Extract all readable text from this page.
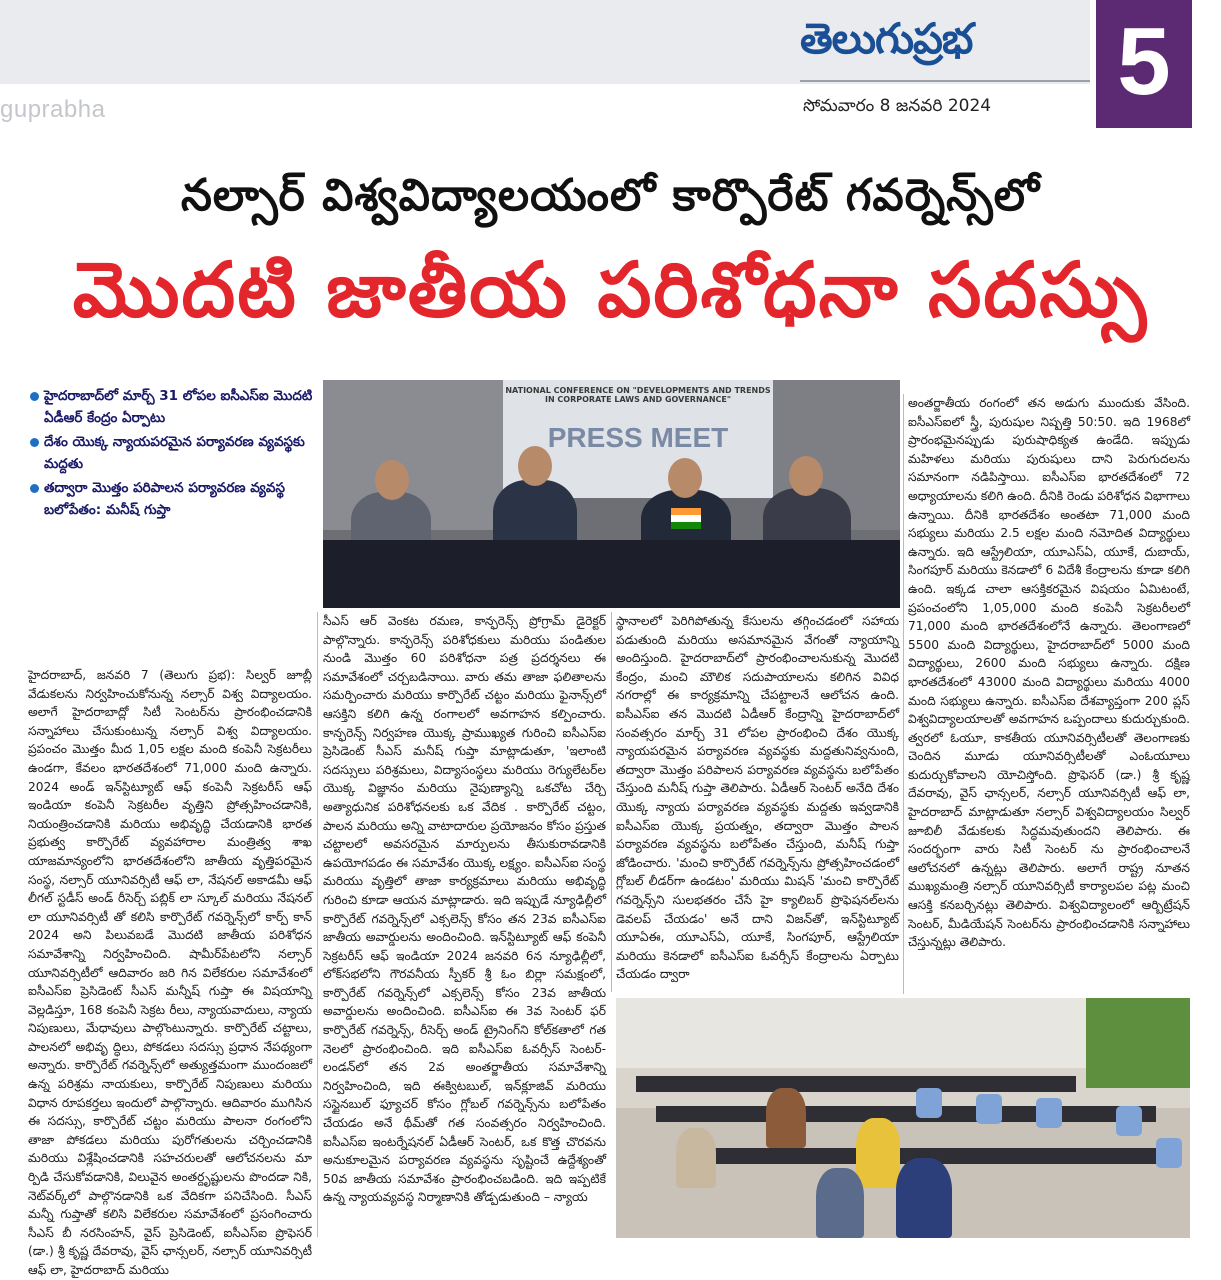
guprabha
తెలుగుప్రభ
సోమవారం 8 జనవరి 2024 5
నల్సార్ విశ్వవిద్యాలయంలో కార్పొరేట్ గవర్నెన్స్‌లో
మొదటి జాతీయ పరిశోధనా సదస్సు
హైదరాబాద్‌లో మార్చ్ 31 లోపల ఐసీఎస్ఐ మొదటి ఏడీఆర్ కేంద్రం ఏర్పాటు
దేశం యొక్క న్యాయపరమైన పర్యావరణ వ్యవస్థకు మద్దతు
తద్వారా మొత్తం పరిపాలన పర్యావరణ వ్యవస్థ బలోపేతం: మనీష్ గుప్తా
NATIONAL CONFERENCE ON "DEVELOPMENTS AND TRENDS IN CORPORATE LAWS AND GOVERNANCE"
PRESS MEET
హైదరాబాద్, జనవరి 7 (తెలుగు ప్రభ): సిల్వర్ జూబ్లీ వేడుకలను నిర్వహించుకోనున్న నల్సార్ విశ్వ విద్యాలయం. అలాగే హైదరాబాద్లో సిటీ సెంటర్‌ను ప్రారంభించడానికి సన్నాహాలు చేసుకుంటున్న నల్సార్ విశ్వ విద్యాలయం. ప్రపంచం మొత్తం మీద 1,05 లక్షల మంది కంపెనీ సెక్రటరీలు ఉండగా, కేవలం భారతదేశంలో 71,000 మంది ఉన్నారు. 2024 అండ్ ఇన్‌స్టిట్యూట్ ఆఫ్ కంపెనీ సెక్రటరీస్ ఆఫ్ ఇండియా కంపెనీ సెక్రటరీల వృత్తిని ప్రోత్సహించడానికి, నియంత్రించడానికి మరియు అభివృద్ధి చేయడానికి భారత ప్రభుత్వ కార్పొరేట్ వ్యవహారాల మంత్రిత్వ శాఖ యాజమాన్యంలోని భారతదేశంలోని జాతీయ వృత్తిపరమైన సంస్థ, నల్సార్ యూనివర్సిటీ ఆఫ్ లా, నేషనల్ అకాడమీ ఆఫ్ లీగల్ స్టడీస్ అండ్ రీసెర్చ్ పబ్లిక్ లా స్కూల్ మరియు నేషనల్ లా యూనివర్సిటీ తో కలిసి కార్పొరేట్ గవర్నెన్స్‌లో కార్ప్ కాన్ 2024 అని పిలువబడే మొదటి జాతీయ పరిశోధన సమావేశాన్ని నిర్వహించింది. షామీర్‌పేటలోని నల్సార్ యూనివర్సిటీలో ఆదివారం జరి గిన విలేకరుల సమావేశంలో ఐసీఎస్ఐ ప్రెసిడెంట్ సీఎస్ మన్నీష్ గుప్తా ఈ విషయాన్ని వెల్లడిస్తూ, 168 కంపెనీ సెక్రట రీలు, న్యాయవాదులు, న్యాయ నిపుణులు, మేధావులు పాల్గొంటున్నారు. కార్పొరేట్ చట్టాలు, పాలనలో అభివృ ద్ధిలు, పోకడలు సదస్సు ప్రధాన నేపథ్యంగా అన్నారు. కార్పొరేట్ గవర్నెన్స్‌లో అత్యుత్తమంగా ముందంజలో ఉన్న పరిశ్రమ నాయకులు, కార్పొరేట్ నిపుణులు మరియు విధాన రూపకర్తలు ఇందులో పాల్గొన్నారు. ఆదివారం ముగిసిన ఈ సదస్సు, కార్పొరేట్ చట్టం మరియు పాలనా రంగంలోని తాజా పోకడలు మరియు పురోగతులను చర్చించడానికి మరియు విశ్లేషించడానికి సహచరులతో ఆలోచనలను మా ర్పిడి చేసుకోవడానికి, విలువైన అంతర్దృష్టులను పొందడా నికి, నెట్‌వర్క్‌లో పాల్గొనడానికి ఒక వేదికగా పనిచేసింది. సీఎస్ మన్నీ గుప్తాతో కలిసి విలేకరుల సమావేశంలో ప్రసంగించారు సీఎస్ బీ నరసింహన్, వైస్ ప్రెసిడెంట్, ఐసీఎస్ఐ ప్రొఫెసర్ (డా.) శ్రీ కృష్ణ దేవరావు, వైస్ ఛాన్సలర్, నల్సార్ యూనివర్సిటీ ఆఫ్ లా, హైదరాబాద్ మరియు
సీఎస్ ఆర్ వెంకట రమణ, కాన్ఫరెన్స్ ప్రోగ్రామ్ డైరెక్టర్ పాల్గొన్నారు. కాన్ఫరెన్స్ పరిశోధకులు మరియు పండితుల నుండి మొత్తం 60 పరిశోధనా పత్ర ప్రదర్శనలు ఈ సమావేశంలో చర్చబడినాయి. వారు తమ తాజా ఫలితాలను సమర్పించారు మరియు కార్పొరేట్ చట్టం మరియు ఫైనాన్స్‌లో ఆసక్తిని కలిగి ఉన్న రంగాలలో అవగాహన కల్పించారు. కాన్ఫరెన్స్ నిర్వహణ యొక్క ప్రాముఖ్యత గురించి ఐసీఎస్ఐ ప్రెసిడెంట్ సీఎస్ మనీష్ గుప్తా మాట్లాడుతూ, 'ఇలాంటి సదస్సులు పరిశ్రమలు, విద్యాసంస్థలు మరియు రెగ్యులేటర్‌ల యొక్క విజ్ఞానం మరియు నైపుణ్యాన్ని ఒకచోట చేర్చి అత్యాధునిక పరిశోధనలకు ఒక వేదిక . కార్పొరేట్ చట్టం, పాలన మరియు అన్ని వాటాదారుల ప్రయోజనం కోసం ప్రస్తుత చట్టాలలో అవసరమైన మార్పులను తీసుకురావడానికి ఉపయోగపడం ఈ సమావేశం యొక్క లక్ష్యం. ఐసీఎస్ఐ సంస్థ మరియు వృత్తిలో తాజా కార్యక్రమాలు మరియు అభివృద్ధి గురించి కూడా ఆయన మాట్లాడారు. ఇది ఇప్పుడే న్యూఢిల్లీలో కార్పొరేట్ గవర్నెన్స్‌లో ఎక్సలెన్స్ కోసం తన 23వ ఐసీఎస్ఐ జాతీయ అవార్డులను అందించింది. ఇన్‌స్టిట్యూట్ ఆఫ్ కంపెనీ సెక్రటరీస్ ఆఫ్ ఇండియా 2024 జనవరి 6న న్యూఢిల్లీలో, లోక్‌సభలోని గౌరవనీయ స్పీకర్ శ్రీ ఓం బిర్లా సమక్షంలో, కార్పొరేట్ గవర్నెన్స్‌లో ఎక్సలెన్స్ కోసం 23వ జాతీయ అవార్డులను అందించింది. ఐసీఎస్ఐ ఈ 3వ సెంటర్ ఫర్ కార్పొరేట్ గవర్నెన్స్, రీసెర్చ్ అండ్ ట్రైనింగ్‌ని కోల్‌కతాలో గత నెలలో ప్రారంభించింది. ఇది ఐసీఎస్ఐ ఓవర్సీస్ సెంటర్-లండన్‌లో తన 2వ అంతర్జాతీయ సమావేశాన్ని నిర్వహించింది, ఇది ఈక్విటబుల్, ఇన్‌క్లూజివ్ మరియు సస్టైనబుల్ ఫ్యూచర్ కోసం గ్లోబల్ గవర్నెన్స్‌ను బలోపేతం చేయడం అనే థీమ్‌తో గత సంవత్సరం నిర్వహించింది. ఐసీఎస్ఐ ఇంటర్నేషనల్ ఏడీఆర్ సెంటర్, ఒక కొత్త చొరవను అనుకూలమైన పర్యావరణ వ్యవస్థను సృష్టించే ఉద్దేశ్యంతో 50వ జాతీయ సమావేశం ప్రారంభించబడింది. ఇది ఇప్పటికే ఉన్న న్యాయవ్యవస్థ నిర్మాణానికి తోడ్పడుతుంది – న్యాయ
స్థానాలలో పెరిగిపోతున్న కేసులను తగ్గించడంలో సహాయ పడుతుంది మరియు అసమానమైన వేగంతో న్యాయాన్ని అందిస్తుంది. హైదరాబాద్‌లో ప్రారంభించాలనుకున్న మొదటి కేంద్రం, మంచి మౌలిక సదుపాయాలను కలిగిన వివిధ నగరాల్లో ఈ కార్యక్రమాన్ని చేపట్టాలనే ఆలోచన ఉంది. ఐసీఎస్ఐ తన మొదటి ఏడీఆర్ కేంద్రాన్ని హైదరాబాద్‌లో సంవత్సరం మార్చ్ 31 లోపల ప్రారంభించి దేశం యొక్క న్యాయపరమైన పర్యావరణ వ్యవస్థకు మద్దతునివ్వనుంది, తద్వారా మొత్తం పరిపాలన పర్యావరణ వ్యవస్థను బలోపేతం చేస్తుంది మనీష్ గుప్తా తెలిపారు. ఏడీఆర్ సెంటర్ అనేది దేశం యొక్క న్యాయ పర్యావరణ వ్యవస్థకు మద్దతు ఇవ్వడానికి ఐసీఎస్ఐ యొక్క ప్రయత్నం, తద్వారా మొత్తం పాలన పర్యావరణ వ్యవస్థను బలోపేతం చేస్తుంది, మనీష్ గుప్తా జోడించారు. 'మంచి కార్పొరేట్ గవర్నెన్స్‌ను ప్రోత్సహించడంలో గ్లోబల్ లీడర్‌గా ఉండటం' మరియు మిషన్ 'మంచి కార్పొరేట్ గవర్నెన్స్‌ని సులభతరం చేసే హై క్యాలిబర్ ప్రొఫెషనల్‌లను డెవలప్ చేయడం' అనే దాని విజన్‌తో, ఇన్‌స్టిట్యూట్ యూఏఈ, యూఎస్ఏ, యూకే, సింగపూర్, ఆస్ట్రేలియా మరియు కెనడాలో ఐసీఎస్ఐ ఓవర్సీస్ కేంద్రాలను ఏర్పాటు చేయడం ద్వారా
అంతర్జాతీయ రంగంలో తన అడుగు ముందుకు వేసింది. ఐసీఎస్ఐలో స్త్రీ, పురుషుల నిష్పత్తి 50:50. ఇది 1968లో ప్రారంభమైనప్పుడు పురుషాధిక్యత ఉండేది. ఇప్పుడు మహిళలు మరియు పురుషులు దాని పెరుగుదలను సమానంగా నడిపిస్తాయి. ఐసీఎస్ఐ భారతదేశంలో 72 అధ్యాయాలను కలిగి ఉంది. దీనికి రెండు పరిశోధన విభాగాలు ఉన్నాయి. దీనికి భారతదేశం అంతటా 71,000 మంది సభ్యులు మరియు 2.5 లక్షల మంది నమోదిత విద్యార్థులు ఉన్నారు. ఇది ఆస్ట్రేలియా, యూఎస్ఏ, యూకే, దుబాయ్, సింగపూర్ మరియు కెనడాలో 6 విదేశీ కేంద్రాలను కూడా కలిగి ఉంది. ఇక్కడ చాలా ఆసక్తికరమైన విషయం ఏమిటంటే, ప్రపంచంలోని 1,05,000 మంది కంపెనీ సెక్రటరీలలో 71,000 మంది భారతదేశంలోనే ఉన్నారు. తెలంగాణలో 5500 మంది విద్యార్థులు, హైదరాబాద్‌లో 5000 మంది విద్యార్థులు, 2600 మంది సభ్యులు ఉన్నారు. దక్షిణ భారతదేశంలో 43000 మంది విద్యార్థులు మరియు 4000 మంది సభ్యులు ఉన్నారు. ఐసీఎస్ఐ దేశవ్యాప్తంగా 200 ప్లస్ విశ్వవిద్యాలయాలతో అవగాహన ఒప్పందాలు కుదుర్చుకుంది. త్వరలో ఓయూ, కాకతీయ యూనివర్సిటీలతో తెలంగాణకు చెందిన మూడు యూనివర్సిటీలతో ఎంఓయూలు కుదుర్చుకోవాలని యోచిస్తోంది. ప్రొఫెసర్ (డా.) శ్రీ కృష్ణ దేవరావు, వైస్ ఛాన్సలర్, నల్సార్ యూనివర్సిటీ ఆఫ్ లా, హైదరాబాద్ మాట్లాడుతూ నల్సార్ విశ్వవిద్యాలయం సిల్వర్ జూబిలీ వేడుకలకు సిద్ధమవుతుందని తెలిపారు. ఈ సందర్భంగా వారు సిటీ సెంటర్ ను ప్రారంభించాలనే ఆలోచనలో ఉన్నట్లు తెలిపారు. అలాగే రాష్ట్ర నూతన ముఖ్యమంత్రి నల్సార్ యూనివర్సిటీ కార్యాలపల పట్ల మంచి ఆసక్తి కనబర్చినట్లు తెలిపారు. విశ్వవిద్యాలంలో ఆర్బిట్రేషన్ సెంటర్, మీడియేషన్ సెంటర్‌ను ప్రారంభించడానికి సన్నాహాలు చేస్తున్నట్లు తెలిపారు.
